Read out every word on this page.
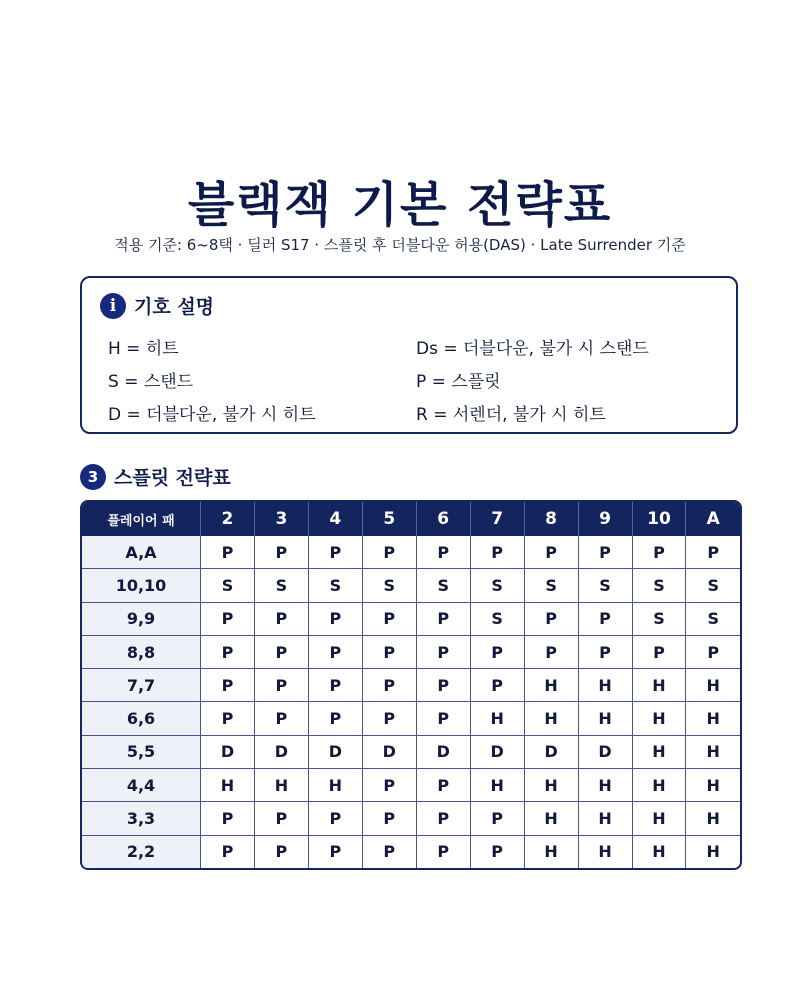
블랙잭 기본 전략표
적용 기준: 6~8택 · 딜러 S17 · 스플릿 후 더블다운 허용(DAS) · Late Surrender 기준
i 기호 설명
H = 히트
S = 스탠드
D = 더블다운, 불가 시 히트
Ds = 더블다운, 불가 시 스탠드
P = 스플릿
R = 서렌더, 불가 시 히트
3 스플릿 전략표
플레이어 패	2	3	4	5	6	7	8	9	10	A
A,A	P	P	P	P	P	P	P	P	P	P
10,10	S	S	S	S	S	S	S	S	S	S
9,9	P	P	P	P	P	S	P	P	S	S
8,8	P	P	P	P	P	P	P	P	P	P
7,7	P	P	P	P	P	P	H	H	H	H
6,6	P	P	P	P	P	H	H	H	H	H
5,5	D	D	D	D	D	D	D	D	H	H
4,4	H	H	H	P	P	H	H	H	H	H
3,3	P	P	P	P	P	P	H	H	H	H
2,2	P	P	P	P	P	P	H	H	H	H
